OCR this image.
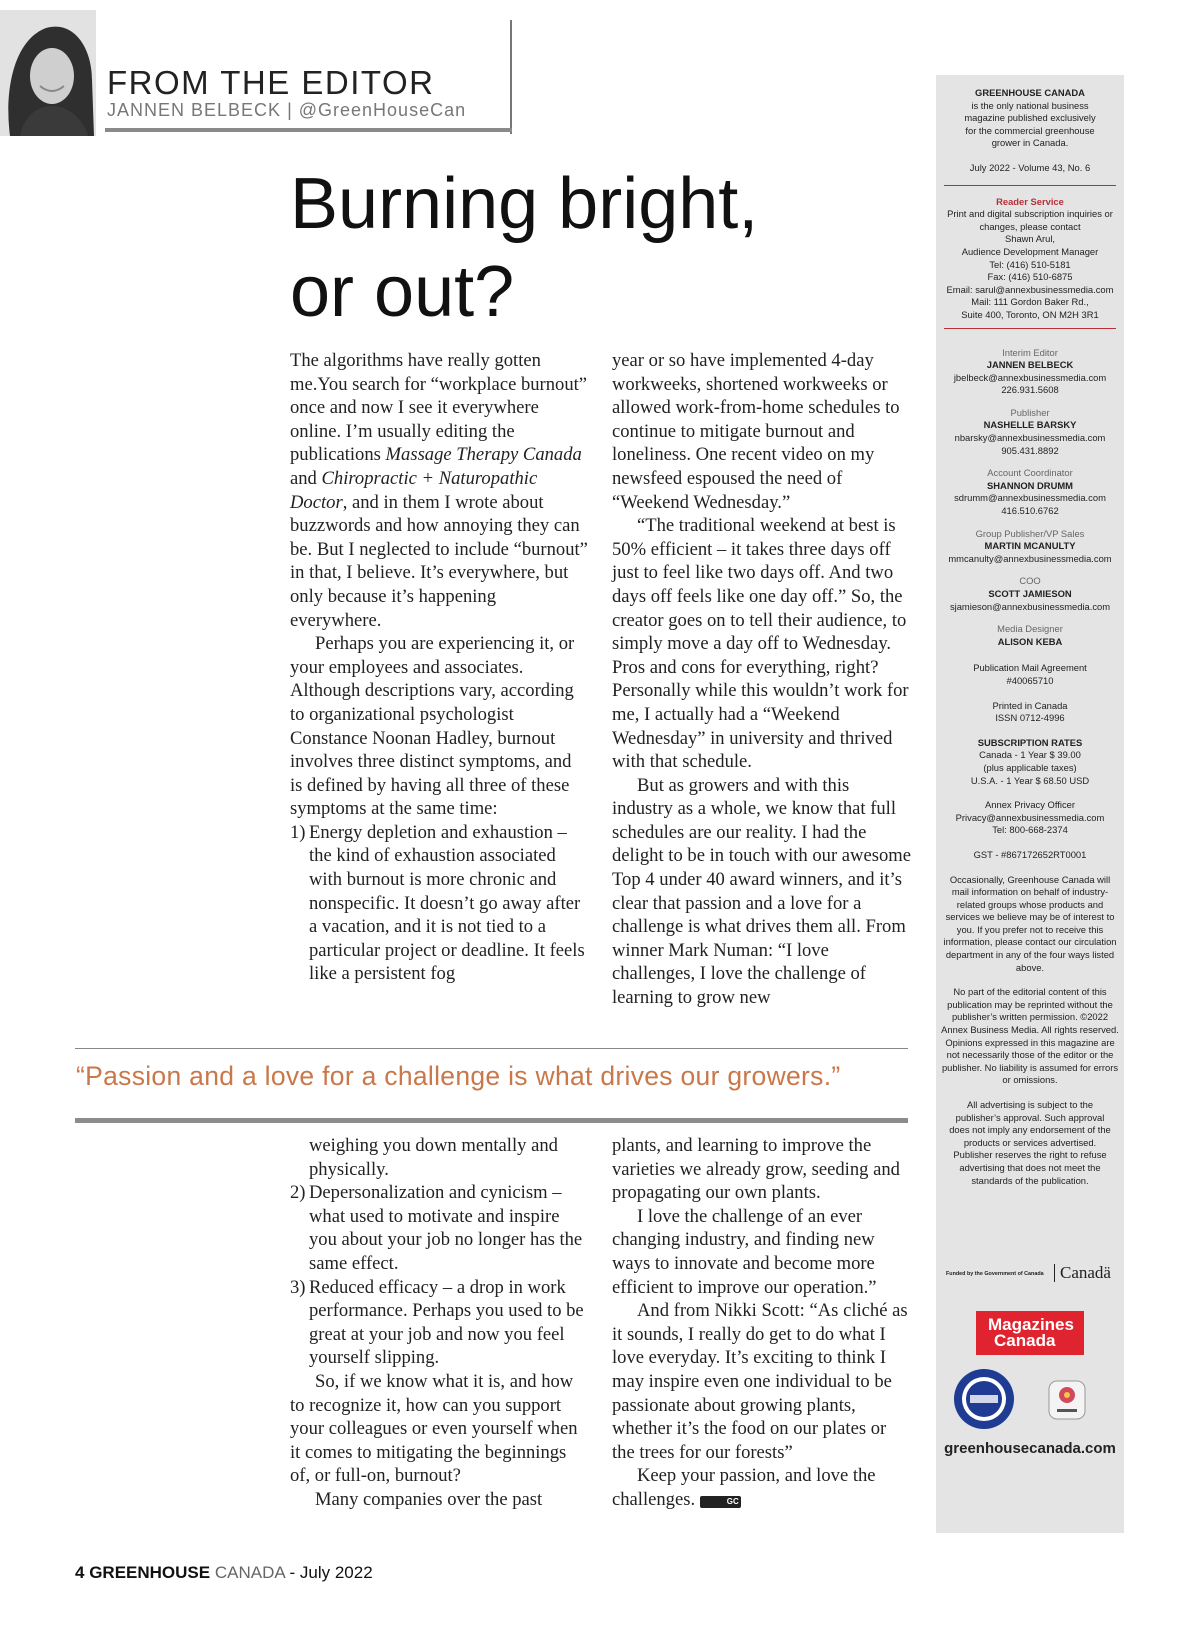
FROM THE EDITOR
JANNEN BELBECK | @GreenHouseCan
Burning bright,
or out?

The algorithms have really gotten me.You search for “workplace burnout” once and now I see it everywhere online. I’m usually editing the publications Massage Therapy Canada and Chiropractic + Naturopathic Doctor, and in them I wrote about buzzwords and how annoying they can be. But I neglected to include “burnout” in that, I believe. It’s everywhere, but only because it’s happening everywhere.

Perhaps you are experiencing it, or your employees and associates. Although descriptions vary, according to organizational psychologist Constance Noonan Hadley, burnout involves three distinct symptoms, and is defined by having all three of these symptoms at the same time:

1) Energy depletion and exhaustion – the kind of exhaustion associated with burnout is more chronic and nonspecific. It doesn’t go away after a vacation, and it is not tied to a particular project or deadline. It feels like a persistent fog

year or so have implemented 4-day workweeks, shortened workweeks or allowed work-from-home schedules to continue to mitigate burnout and loneliness. One recent video on my newsfeed espoused the need of “Weekend Wednesday.”

“The traditional weekend at best is 50% efficient – it takes three days off just to feel like two days off. And two days off feels like one day off.” So, the creator goes on to tell their audience, to simply move a day off to Wednesday. Pros and cons for everything, right? Personally while this wouldn’t work for me, I actually had a “Weekend Wednesday” in university and thrived with that schedule.

But as growers and with this industry as a whole, we know that full schedules are our reality. I had the delight to be in touch with our awesome Top 4 under 40 award winners, and it’s clear that passion and a love for a challenge is what drives them all. From winner Mark Numan: “I love challenges, I love the challenge of learning to grow new

“Passion and a love for a challenge is what drives our growers.”
weighing you down mentally and physically.
2) Depersonalization and cynicism – what used to motivate and inspire you about your job no longer has the same effect.
3) Reduced efficacy – a drop in work performance. Perhaps you used to be great at your job and now you feel yourself slipping.

So, if we know what it is, and how to recognize it, how can you support your colleagues or even yourself when it comes to mitigating the beginnings of, or full-on, burnout?

Many companies over the past

plants, and learning to improve the varieties we already grow, seeding and propagating our own plants.

I love the challenge of an ever changing industry, and finding new ways to innovate and become more efficient to improve our operation.”

And from Nikki Scott: “As cliché as it sounds, I really do get to do what I love everyday. It’s exciting to think I may inspire even one individual to be passionate about growing plants, whether it’s the food on our plates or the trees for our forests”

Keep your passion, and love the challenges.	GC

GREENHOUSE CANADA
is the only national business magazine published exclusively for the commercial greenhouse grower in Canada.
July 2022 - Volume 43, No. 6
Reader Service
Print and digital subscription inquiries or changes, please contact
Shawn Arul,
Audience Development Manager
Tel: (416) 510-5181
Fax: (416) 510-6875
Email: sarul@annexbusinessmedia.com
Mail: 111 Gordon Baker Rd.,
Suite 400, Toronto, ON M2H 3R1
Interim Editor
JANNEN BELBECK
jbelbeck@annexbusinessmedia.com
226.931.5608
Publisher
NASHELLE BARSKY
nbarsky@annexbusinessmedia.com
905.431.8892
Account Coordinator
SHANNON DRUMM
sdrumm@annexbusinessmedia.com
416.510.6762
Group Publisher/VP Sales
MARTIN MCANULTY
mmcanulty@annexbusinessmedia.com
COO
SCOTT JAMIESON
sjamieson@annexbusinessmedia.com
Media Designer
ALISON KEBA
Publication Mail Agreement
#40065710
Printed in Canada
ISSN 0712-4996
SUBSCRIPTION RATES
Canada - 1 Year $ 39.00
(plus applicable taxes)
U.S.A. - 1 Year $ 68.50 USD
Annex Privacy Officer
Privacy@annexbusinessmedia.com
Tel: 800-668-2374
GST - #867172652RT0001
Occasionally, Greenhouse Canada will mail information on behalf of industry-related groups whose products and services we believe may be of interest to you. If you prefer not to receive this information, please contact our circulation department in any of the four ways listed above.
No part of the editorial content of this publication may be reprinted without the publisher’s written permission. ©2022 Annex Business Media. All rights reserved. Opinions expressed in this magazine are not necessarily those of the editor or the publisher. No liability is assumed for errors or omissions.
All advertising is subject to the publisher’s approval. Such approval does not imply any endorsement of the products or services advertised. Publisher reserves the right to refuse advertising that does not meet the standards of the publication.
Funded by the Government of Canada Canadä
Magazines
Canada
greenhousecanada.com
4 GREENHOUSE CANADA - July 2022
